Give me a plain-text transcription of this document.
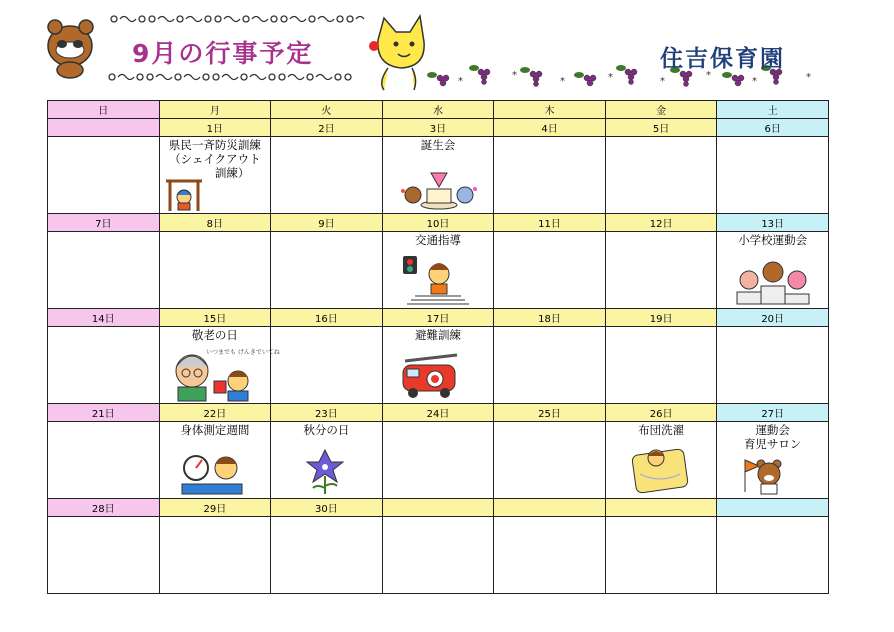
*
*
*	*	*
*
*	*
9月の行事予定	住吉保育園
日	月	火	水	木	金	土
	1日	2日	3日	4日	5日	6日

	県民一斉防災訓練
（シェイクアウト
　　　訓練）		誕生会			

7日	8日	9日	10日	11日	12日	13日

			交通指導			小学校運動会

14日	15日	16日	17日	18日	19日	20日

	敬老の日
いつまでも げんきでいてね		避難訓練			

21日	22日	23日	24日	25日	26日	27日

	身体測定週間	秋分の日			布団洗濯	運動会
育児サロン

28日	29日	30日				
